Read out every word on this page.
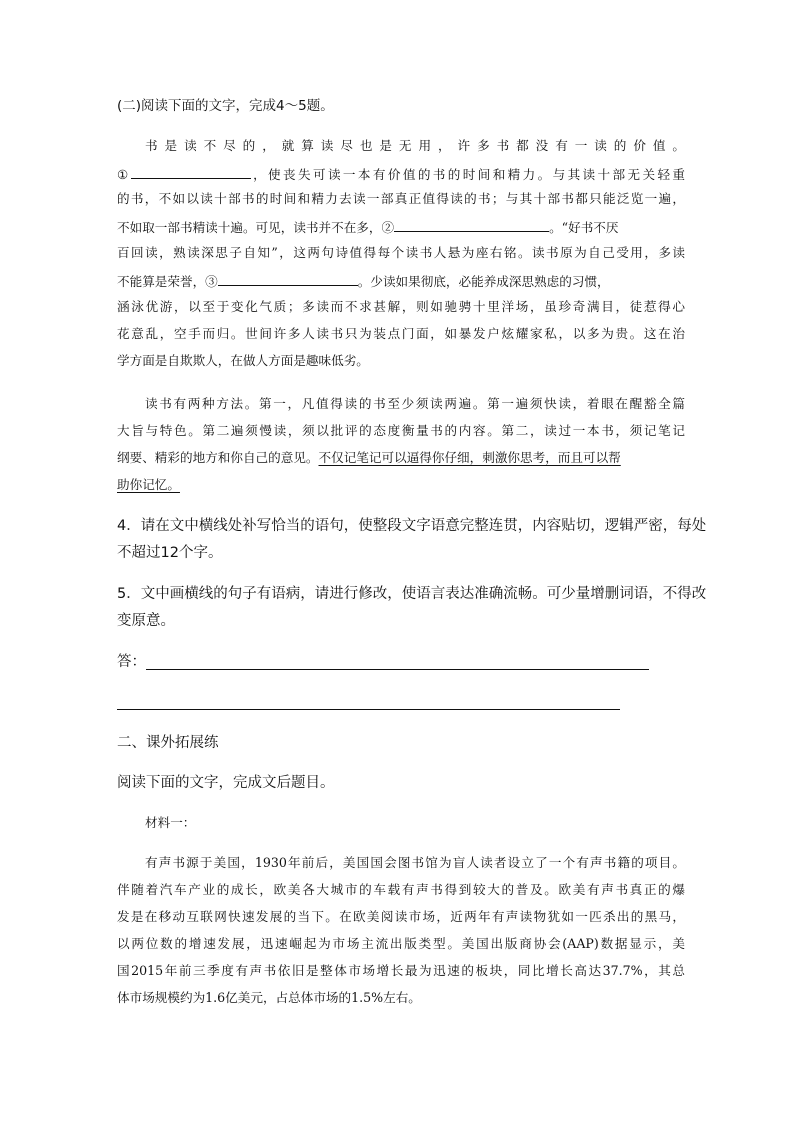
(二)阅读下面的文字，完成4～5题。
书是读不尽的，就算读尽也是无用，许多书都没有一读的价值。
①	，使丧失可读一本有价值的书的时间和精力。与其读十部无关轻重
的书，不如以读十部书的时间和精力去读一部真正值得读的书；与其十部书都只能泛览一遍，
不如取一部书精读十遍。可见，读书并不在多，②	。“好书不厌
百回读，熟读深思子自知”，这两句诗值得每个读书人悬为座右铭。读书原为自己受用，多读
不能算是荣誉，③	。少读如果彻底，必能养成深思熟虑的习惯，
涵泳优游，以至于变化气质；多读而不求甚解，则如驰骋十里洋场，虽珍奇满目，徒惹得心
花意乱，空手而归。世间许多人读书只为装点门面，如暴发户炫耀家私，以多为贵。这在治
学方面是自欺欺人，在做人方面是趣味低劣。
读书有两种方法。第一，凡值得读的书至少须读两遍。第一遍须快读，着眼在醒豁全篇
大旨与特色。第二遍须慢读，须以批评的态度衡量书的内容。第二，读过一本书，须记笔记
纲要、精彩的地方和你自己的意见。不仅记笔记可以逼得你仔细，刺激你思考，而且可以帮
助你记忆。
4．请在文中横线处补写恰当的语句，使整段文字语意完整连贯，内容贴切，逻辑严密，每处
不超过12个字。
5．文中画横线的句子有语病，请进行修改，使语言表达准确流畅。可少量增删词语，不得改
变原意。
答：
二、课外拓展练
阅读下面的文字，完成文后题目。
材料一：
有声书源于美国，1930年前后，美国国会图书馆为盲人读者设立了一个有声书籍的项目。
伴随着汽车产业的成长，欧美各大城市的车载有声书得到较大的普及。欧美有声书真正的爆
发是在移动互联网快速发展的当下。在欧美阅读市场，近两年有声读物犹如一匹杀出的黑马，
以两位数的增速发展，迅速崛起为市场主流出版类型。美国出版商协会(AAP)数据显示，美
国2015年前三季度有声书依旧是整体市场增长最为迅速的板块，同比增长高达37.7%，其总
体市场规模约为1.6亿美元，占总体市场的1.5%左右。
